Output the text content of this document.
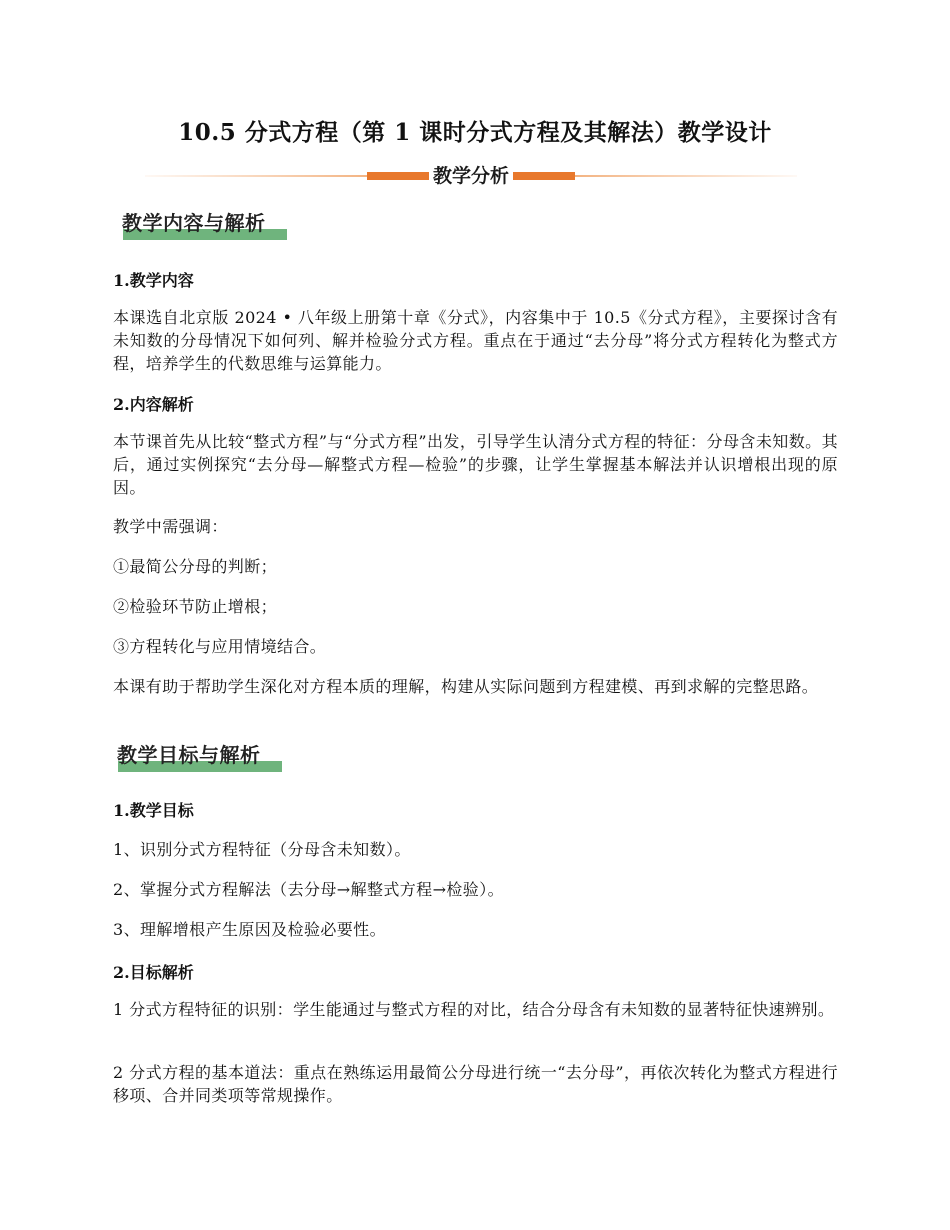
10.5 分式方程（第 1 课时分式方程及其解法）教学设计
教学分析
教学内容与解析
1.教学内容
本课选自北京版 2024 • 八年级上册第十章《分式》，内容集中于 10.5《分式方程》，主要探讨含有未知数的分母情况下如何列、解并检验分式方程。重点在于通过“去分母”将分式方程转化为整式方程，培养学生的代数思维与运算能力。
2.内容解析
本节课首先从比较“整式方程”与“分式方程”出发，引导学生认清分式方程的特征：分母含未知数。其后，通过实例探究“去分母—解整式方程—检验”的步骤，让学生掌握基本解法并认识增根出现的原因。
教学中需强调：
①最简公分母的判断；
②检验环节防止增根；
③方程转化与应用情境结合。
本课有助于帮助学生深化对方程本质的理解，构建从实际问题到方程建模、再到求解的完整思路。
教学目标与解析
1.教学目标
1、识别分式方程特征（分母含未知数）。
2、掌握分式方程解法（去分母→解整式方程→检验）。
3、理解增根产生原因及检验必要性。
2.目标解析
1 分式方程特征的识别：学生能通过与整式方程的对比，结合分母含有未知数的显著特征快速辨别。
2 分式方程的基本道法：重点在熟练运用最简公分母进行统一“去分母”，再依次转化为整式方程进行移项、合并同类项等常规操作。
